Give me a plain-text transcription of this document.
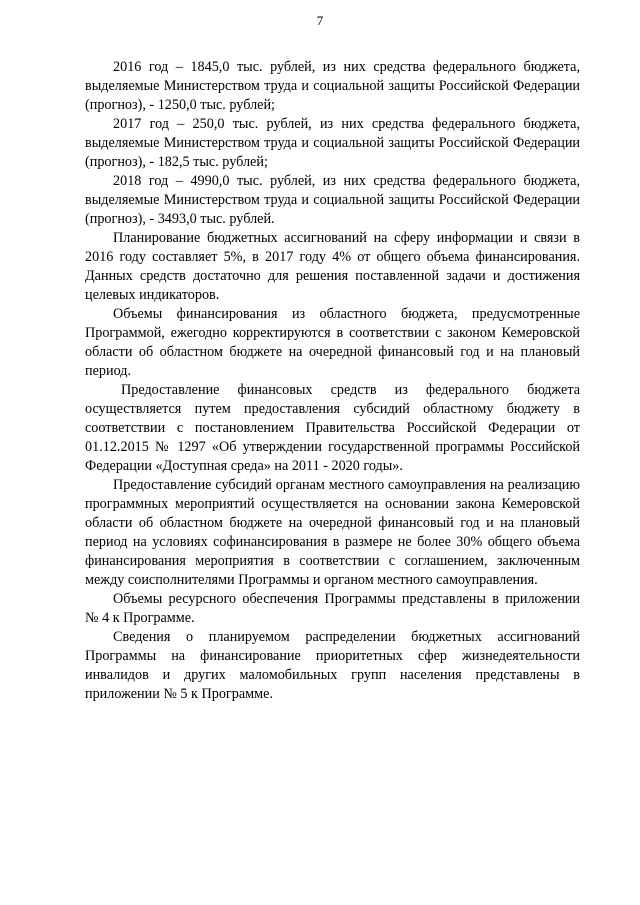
7

2016 год – 1845,0 тыс. рублей, из них средства федерального бюджета, выделяемые Министерством труда и социальной защиты Российской Федерации (прогноз), - 1250,0 тыс. рублей;

2017 год – 250,0 тыс. рублей, из них средства федерального бюджета, выделяемые Министерством труда и социальной защиты Российской Федерации (прогноз), - 182,5 тыс. рублей;

2018 год – 4990,0 тыс. рублей, из них средства федерального бюджета, выделяемые Министерством труда и социальной защиты Российской Федерации (прогноз), - 3493,0 тыс. рублей.

Планирование бюджетных ассигнований на сферу информации и связи в 2016 году составляет 5%, в 2017 году 4% от общего объема финансирования. Данных средств достаточно для решения поставленной задачи и достижения целевых индикаторов.

Объемы финансирования из областного бюджета, предусмотренные Программой, ежегодно корректируются в соответствии с законом Кемеровской области об областном бюджете на очередной финансовый год и на плановый период.

Предоставление финансовых средств из федерального бюджета осуществляется путем предоставления субсидий областному бюджету в соответствии с постановлением Правительства Российской Федерации от 01.12.2015 № 1297 «Об утверждении государственной программы Российской Федерации «Доступная среда» на 2011 - 2020 годы».

Предоставление субсидий органам местного самоуправления на реализацию программных мероприятий осуществляется на основании закона Кемеровской области об областном бюджете на очередной финансовый год и на плановый период на условиях софинансирования в размере не более 30% общего объема финансирования мероприятия в соответствии с соглашением, заключенным между соисполнителями Программы и органом местного самоуправления.

Объемы ресурсного обеспечения Программы представлены в приложении № 4 к Программе.

Сведения о планируемом распределении бюджетных ассигнований Программы на финансирование приоритетных сфер жизнедеятельности инвалидов и других маломобильных групп населения представлены в приложении № 5 к Программе.
